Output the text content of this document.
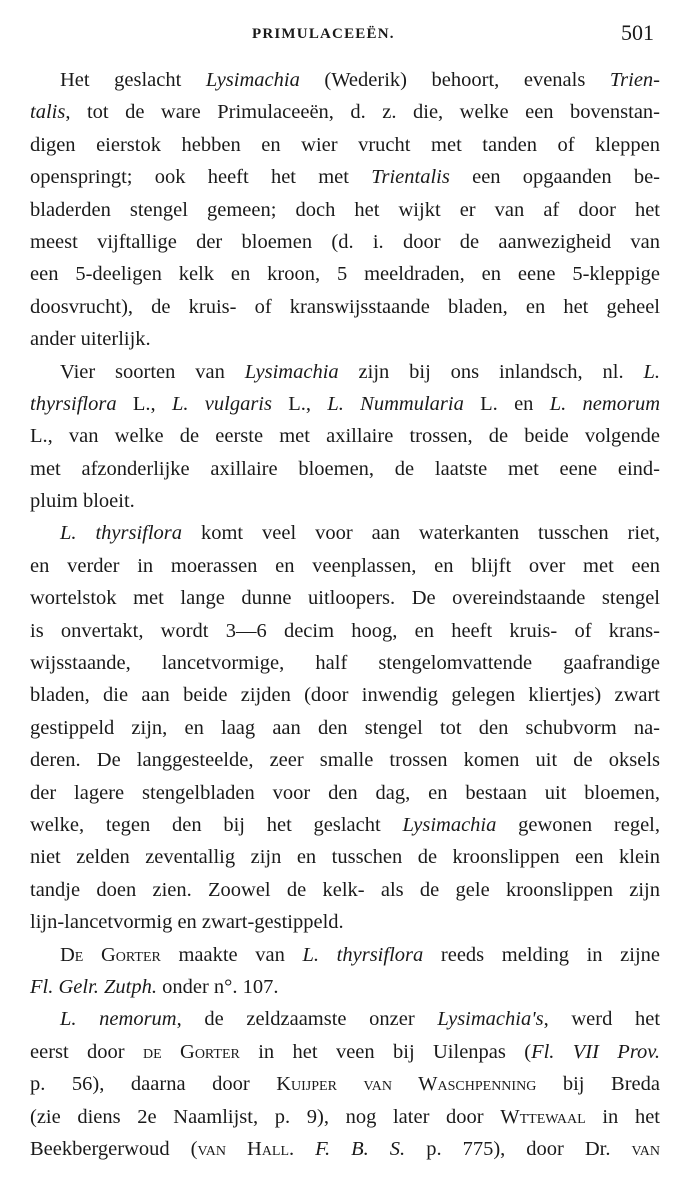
PRIMULACEEËN.	501
Het geslacht Lysimachia (Wederik) behoort, evenals Trien-
talis, tot de ware Primulaceeën, d. z. die, welke een bovenstan-
digen eierstok hebben en wier vrucht met tanden of kleppen
openspringt; ook heeft het met Trientalis een opgaanden be-
bladerden stengel gemeen; doch het wijkt er van af door het
meest vijftallige der bloemen (d. i. door de aanwezigheid van
een 5-deeligen kelk en kroon, 5 meeldraden, en eene 5-kleppige
doosvrucht), de kruis- of kranswijsstaande bladen, en het geheel
ander uiterlijk.
Vier soorten van Lysimachia zijn bij ons inlandsch, nl. L.
thyrsiflora L., L. vulgaris L., L. Nummularia L. en L. nemorum
L., van welke de eerste met axillaire trossen, de beide volgende
met afzonderlijke axillaire bloemen, de laatste met eene eind-
pluim bloeit.
L. thyrsiflora komt veel voor aan waterkanten tusschen riet,
en verder in moerassen en veenplassen, en blijft over met een
wortelstok met lange dunne uitloopers. De overeindstaande stengel
is onvertakt, wordt 3—6 decim hoog, en heeft kruis- of krans-
wijsstaande, lancetvormige, half stengelomvattende gaafrandige
bladen, die aan beide zijden (door inwendig gelegen kliertjes) zwart
gestippeld zijn, en laag aan den stengel tot den schubvorm na-
deren. De langgesteelde, zeer smalle trossen komen uit de oksels
der lagere stengelbladen voor den dag, en bestaan uit bloemen,
welke, tegen den bij het geslacht Lysimachia gewonen regel,
niet zelden zeventallig zijn en tusschen de kroonslippen een klein
tandje doen zien. Zoowel de kelk- als de gele kroonslippen zijn
lijn-lancetvormig en zwart-gestippeld.
De Gorter maakte van L. thyrsiflora reeds melding in zijne
Fl. Gelr. Zutph. onder n°. 107.
L. nemorum, de zeldzaamste onzer Lysimachia's, werd het
eerst door de Gorter in het veen bij Uilenpas (Fl. VII Prov.
p. 56), daarna door Kuijper van Waschpenning bij Breda
(zie diens 2e Naamlijst, p. 9), nog later door Wttewaal in het
Beekbergerwoud (van Hall. F. B. S. p. 775), door Dr. van
